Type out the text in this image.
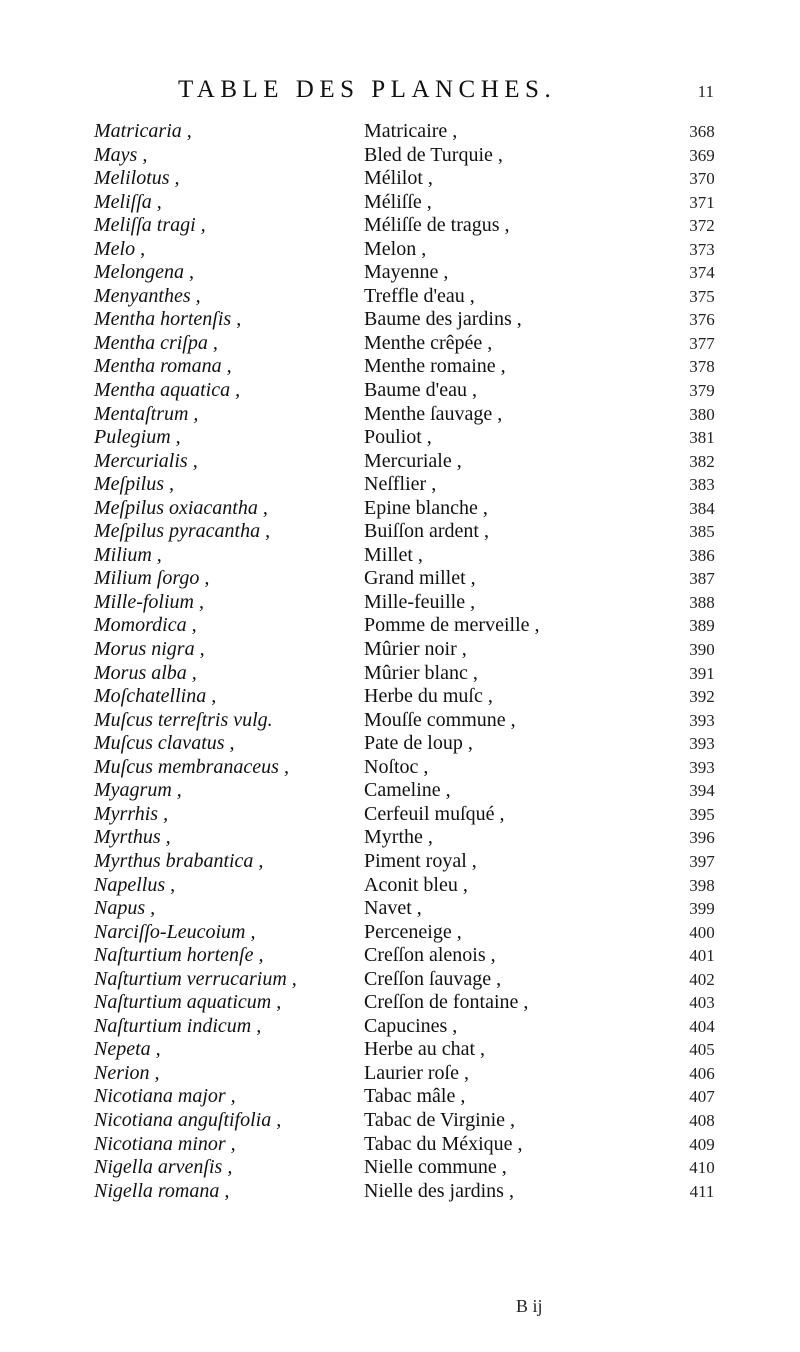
TABLE DES PLANCHES.	11
Matricaria ,	Matricaire ,	368
Mays ,	Bled de Turquie ,	369
Melilotus ,	Mélilot ,	370
Meliſſa ,	Méliſſe ,	371
Meliſſa tragi ,	Méliſſe de tragus ,	372
Melo ,	Melon ,	373
Melongena ,	Mayenne ,	374
Menyanthes ,	Treffle d'eau ,	375
Mentha hortenſis ,	Baume des jardins ,	376
Mentha criſpa ,	Menthe crêpée ,	377
Mentha romana ,	Menthe romaine ,	378
Mentha aquatica ,	Baume d'eau ,	379
Mentaſtrum ,	Menthe ſauvage ,	380
Pulegium ,	Pouliot ,	381
Mercurialis ,	Mercuriale ,	382
Meſpilus ,	Neſflier ,	383
Meſpilus oxiacantha ,	Epine blanche ,	384
Meſpilus pyracantha ,	Buiſſon ardent ,	385
Milium ,	Millet ,	386
Milium ſorgo ,	Grand millet ,	387
Mille-folium ,	Mille-feuille ,	388
Momordica ,	Pomme de merveille ,	389
Morus nigra ,	Mûrier noir ,	390
Morus alba ,	Mûrier blanc ,	391
Moſchatellina ,	Herbe du muſc ,	392
Muſcus terreſtris vulg.	Mouſſe commune ,	393
Muſcus clavatus ,	Pate de loup ,	393
Muſcus membranaceus ,	Noſtoc ,	393
Myagrum ,	Cameline ,	394
Myrrhis ,	Cerfeuil muſqué ,	395
Myrthus ,	Myrthe ,	396
Myrthus brabantica ,	Piment royal ,	397
Napellus ,	Aconit bleu ,	398
Napus ,	Navet ,	399
Narciſſo-Leucoium ,	Perceneige ,	400
Naſturtium hortenſe ,	Creſſon alenois ,	401
Naſturtium verrucarium ,	Creſſon ſauvage ,	402
Naſturtium aquaticum ,	Creſſon de fontaine ,	403
Naſturtium indicum ,	Capucines ,	404
Nepeta ,	Herbe au chat ,	405
Nerion ,	Laurier roſe ,	406
Nicotiana major ,	Tabac mâle ,	407
Nicotiana anguſtifolia ,	Tabac de Virginie ,	408
Nicotiana minor ,	Tabac du Méxique ,	409
Nigella arvenſis ,	Nielle commune ,	410
Nigella romana ,	Nielle des jardins ,	411
B ij
